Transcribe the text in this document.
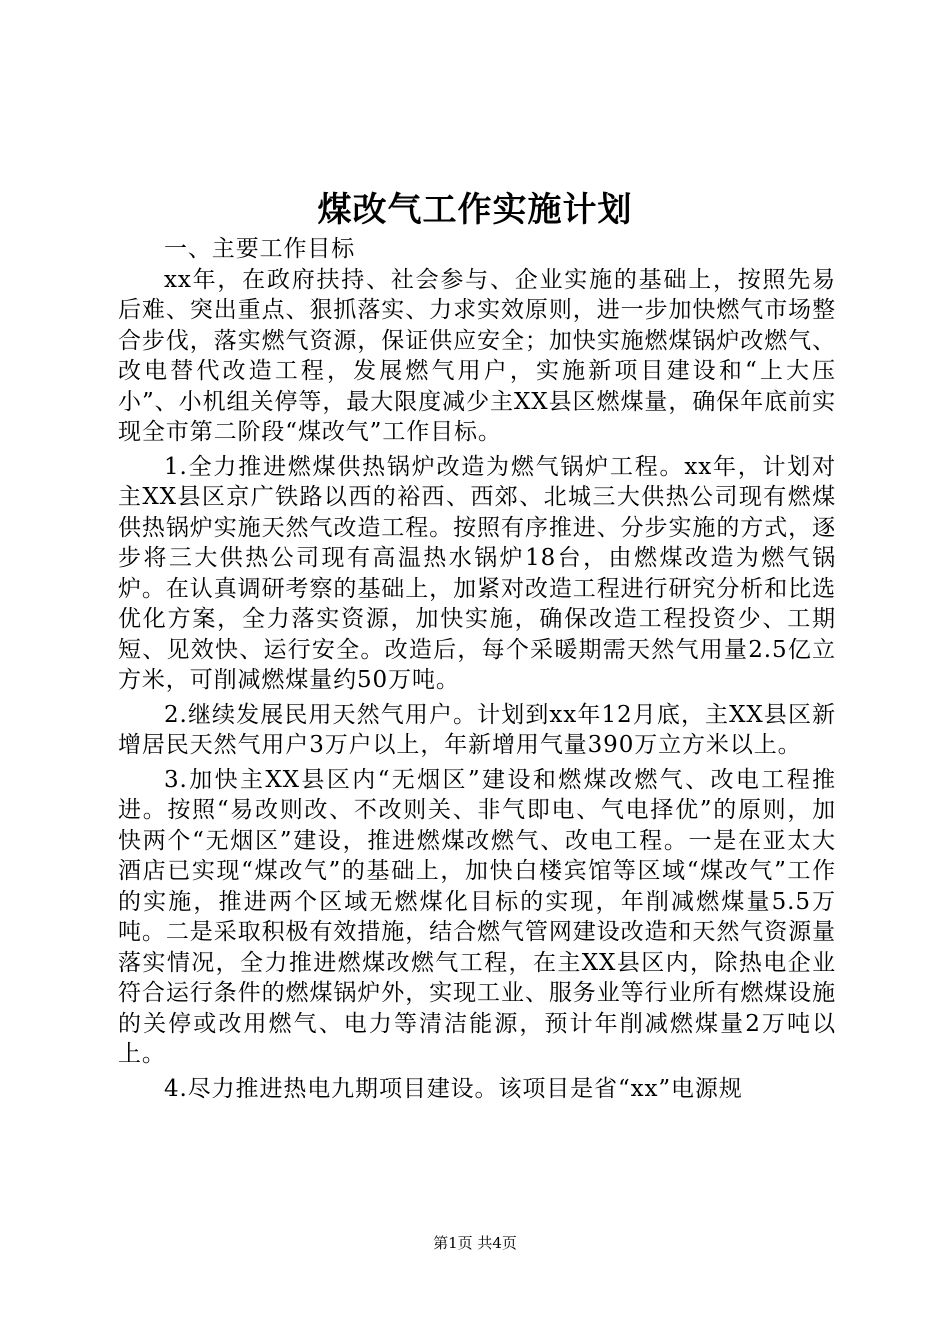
煤改气工作实施计划

一、主要工作目标

xx年，在政府扶持、社会参与、企业实施的基础上，按照先易后难、突出重点、狠抓落实、力求实效原则，进一步加快燃气市场整合步伐，落实燃气资源，保证供应安全；加快实施燃煤锅炉改燃气、改电替代改造工程，发展燃气用户，实施新项目建设和“上大压小”、小机组关停等，最大限度减少主XX县区燃煤量，确保年底前实现全市第二阶段“煤改气”工作目标。

1.全力推进燃煤供热锅炉改造为燃气锅炉工程。xx年，计划对主XX县区京广铁路以西的裕西、西郊、北城三大供热公司现有燃煤供热锅炉实施天然气改造工程。按照有序推进、分步实施的方式，逐步将三大供热公司现有高温热水锅炉18台，由燃煤改造为燃气锅炉。在认真调研考察的基础上，加紧对改造工程进行研究分析和比选优化方案，全力落实资源，加快实施，确保改造工程投资少、工期短、见效快、运行安全。改造后，每个采暖期需天然气用量2.5亿立方米，可削减燃煤量约50万吨。

2.继续发展民用天然气用户。计划到xx年12月底，主XX县区新增居民天然气用户3万户以上，年新增用气量390万立方米以上。

3.加快主XX县区内“无烟区”建设和燃煤改燃气、改电工程推进。按照“易改则改、不改则关、非气即电、气电择优”的原则，加快两个“无烟区”建设，推进燃煤改燃气、改电工程。一是在亚太大酒店已实现“煤改气”的基础上，加快白楼宾馆等区域“煤改气”工作的实施，推进两个区域无燃煤化目标的实现，年削减燃煤量5.5万吨。二是采取积极有效措施，结合燃气管网建设改造和天然气资源量落实情况，全力推进燃煤改燃气工程，在主XX县区内，除热电企业符合运行条件的燃煤锅炉外，实现工业、服务业等行业所有燃煤设施的关停或改用燃气、电力等清洁能源，预计年削减燃煤量2万吨以上。

4.尽力推进热电九期项目建设。该项目是省“xx”电源规

第1页 共4页
